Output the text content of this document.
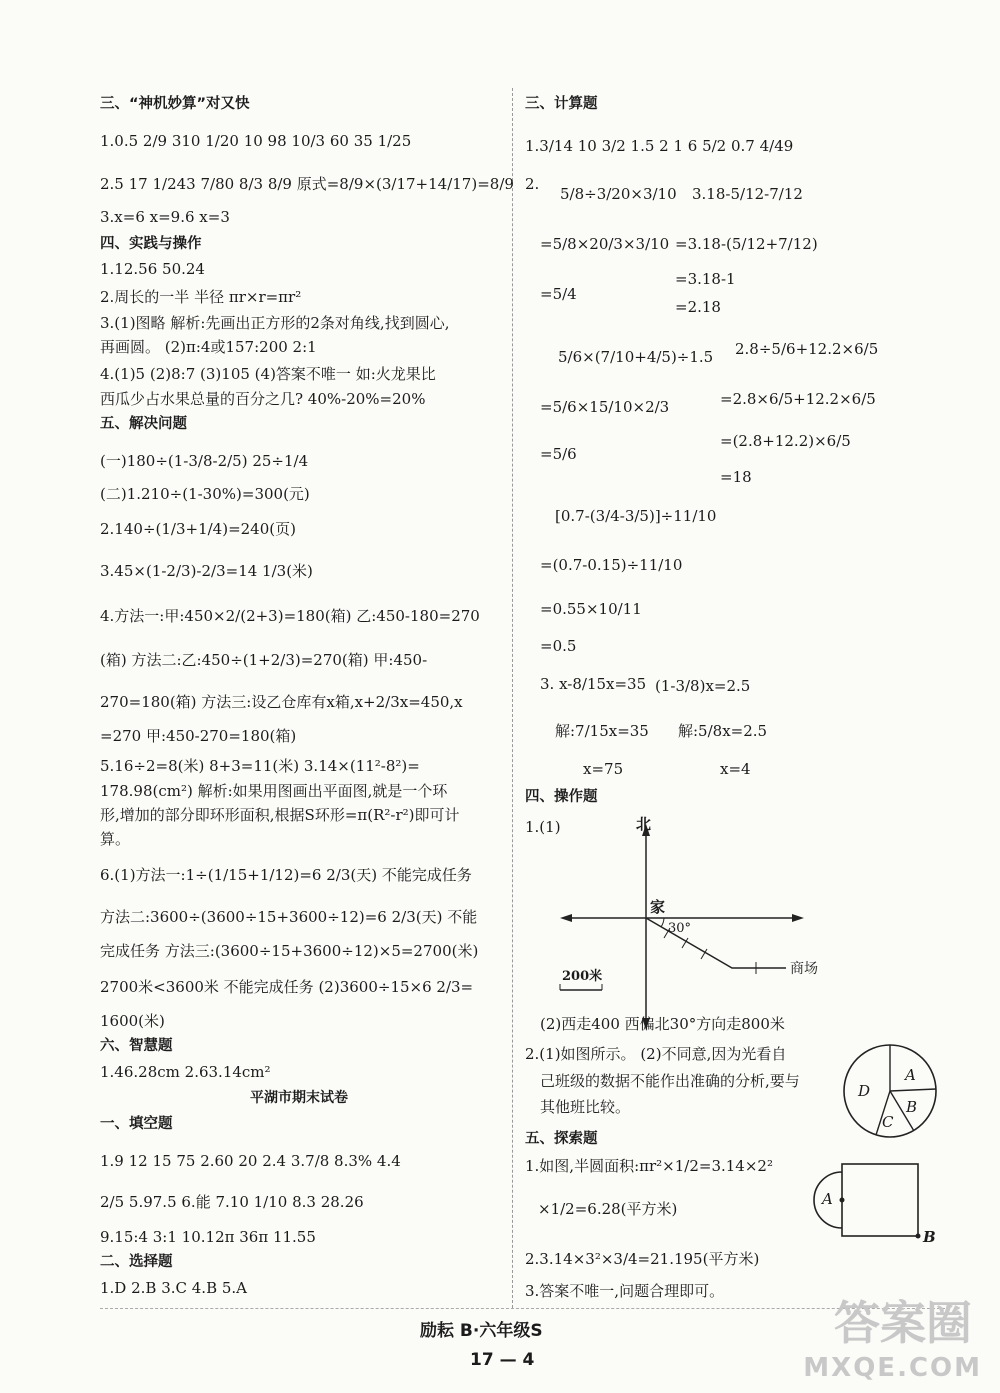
三、“神机妙算”对又快
1.0.5 2/9 310 1/20 10 98 10/3 60 35 1/25
2.5 17 1/243 7/80 8/3 8/9 原式=8/9×(3/17+14/17)=8/9
3.x=6 x=9.6 x=3
四、实践与操作
1.12.56 50.24
2.周长的一半 半径 πr×r=πr²
3.(1)图略 解析:先画出正方形的2条对角线,找到圆心,
再画圆。 (2)π:4或157:200 2:1
4.(1)5 (2)8:7 (3)105 (4)答案不唯一 如:火龙果比
西瓜少占水果总量的百分之几? 40%-20%=20%
五、解决问题
(一)180÷(1-3/8-2/5) 25÷1/4
(二)1.210÷(1-30%)=300(元)
2.140÷(1/3+1/4)=240(页)
3.45×(1-2/3)-2/3=14 1/3(米)
4.方法一:甲:450×2/(2+3)=180(箱) 乙:450-180=270
(箱) 方法二:乙:450÷(1+2/3)=270(箱) 甲:450-
270=180(箱) 方法三:设乙仓库有x箱,x+2/3x=450,x
=270 甲:450-270=180(箱)
5.16÷2=8(米) 8+3=11(米) 3.14×(11²-8²)=
178.98(cm²) 解析:如果用图画出平面图,就是一个环
形,增加的部分即环形面积,根据S环形=π(R²-r²)即可计
算。
6.(1)方法一:1÷(1/15+1/12)=6 2/3(天) 不能完成任务
方法二:3600÷(3600÷15+3600÷12)=6 2/3(天) 不能
完成任务 方法三:(3600÷15+3600÷12)×5=2700(米)
2700米<3600米 不能完成任务 (2)3600÷15×6 2/3=
1600(米)
六、智慧题
1.46.28cm 2.63.14cm²
平湖市期末试卷
一、填空题
1.9 12 15 75 2.60 20 2.4 3.7/8 8.3% 4.4
2/5 5.97.5 6.能 7.10 1/10 8.3 28.26
9.15:4 3:1 10.12π 36π 11.55
二、选择题
1.D 2.B 3.C 4.B 5.A
三、计算题
1.3/14 10 3/2 1.5 2 1 6 5/2 0.7 4/49
2.
5/8÷3/20×3/10
=5/8×20/3×3/10
=5/4
3.18-5/12-7/12
=3.18-(5/12+7/12)
=3.18-1
=2.18
5/6×(7/10+4/5)÷1.5
=5/6×15/10×2/3
=5/6
2.8÷5/6+12.2×6/5
=2.8×6/5+12.2×6/5
=(2.8+12.2)×6/5
=18
[0.7-(3/4-3/5)]÷11/10
=(0.7-0.15)÷11/10
=0.55×10/11
=0.5
3. x-8/15x=35 (1-3/8)x=2.5
解:7/15x=35 解:5/8x=2.5
x=75	x=4
四、操作题
1.(1)	北
家
30°
商场
200米
(2)西走400 西偏北30°方向走800米
2.(1)如图所示。 (2)不同意,因为光看自
己班级的数据不能作出准确的分析,要与
其他班比较。
A
B
C
D
五、探索题
1.如图,半圆面积:πr²×1/2=3.14×2²
×1/2=6.28(平方米)
2.3.14×3²×3/4=21.195(平方米)
3.答案不唯一,问题合理即可。
A
B
励耘 B·六年级S
17 — 4
答案圈
MXQE.COM
